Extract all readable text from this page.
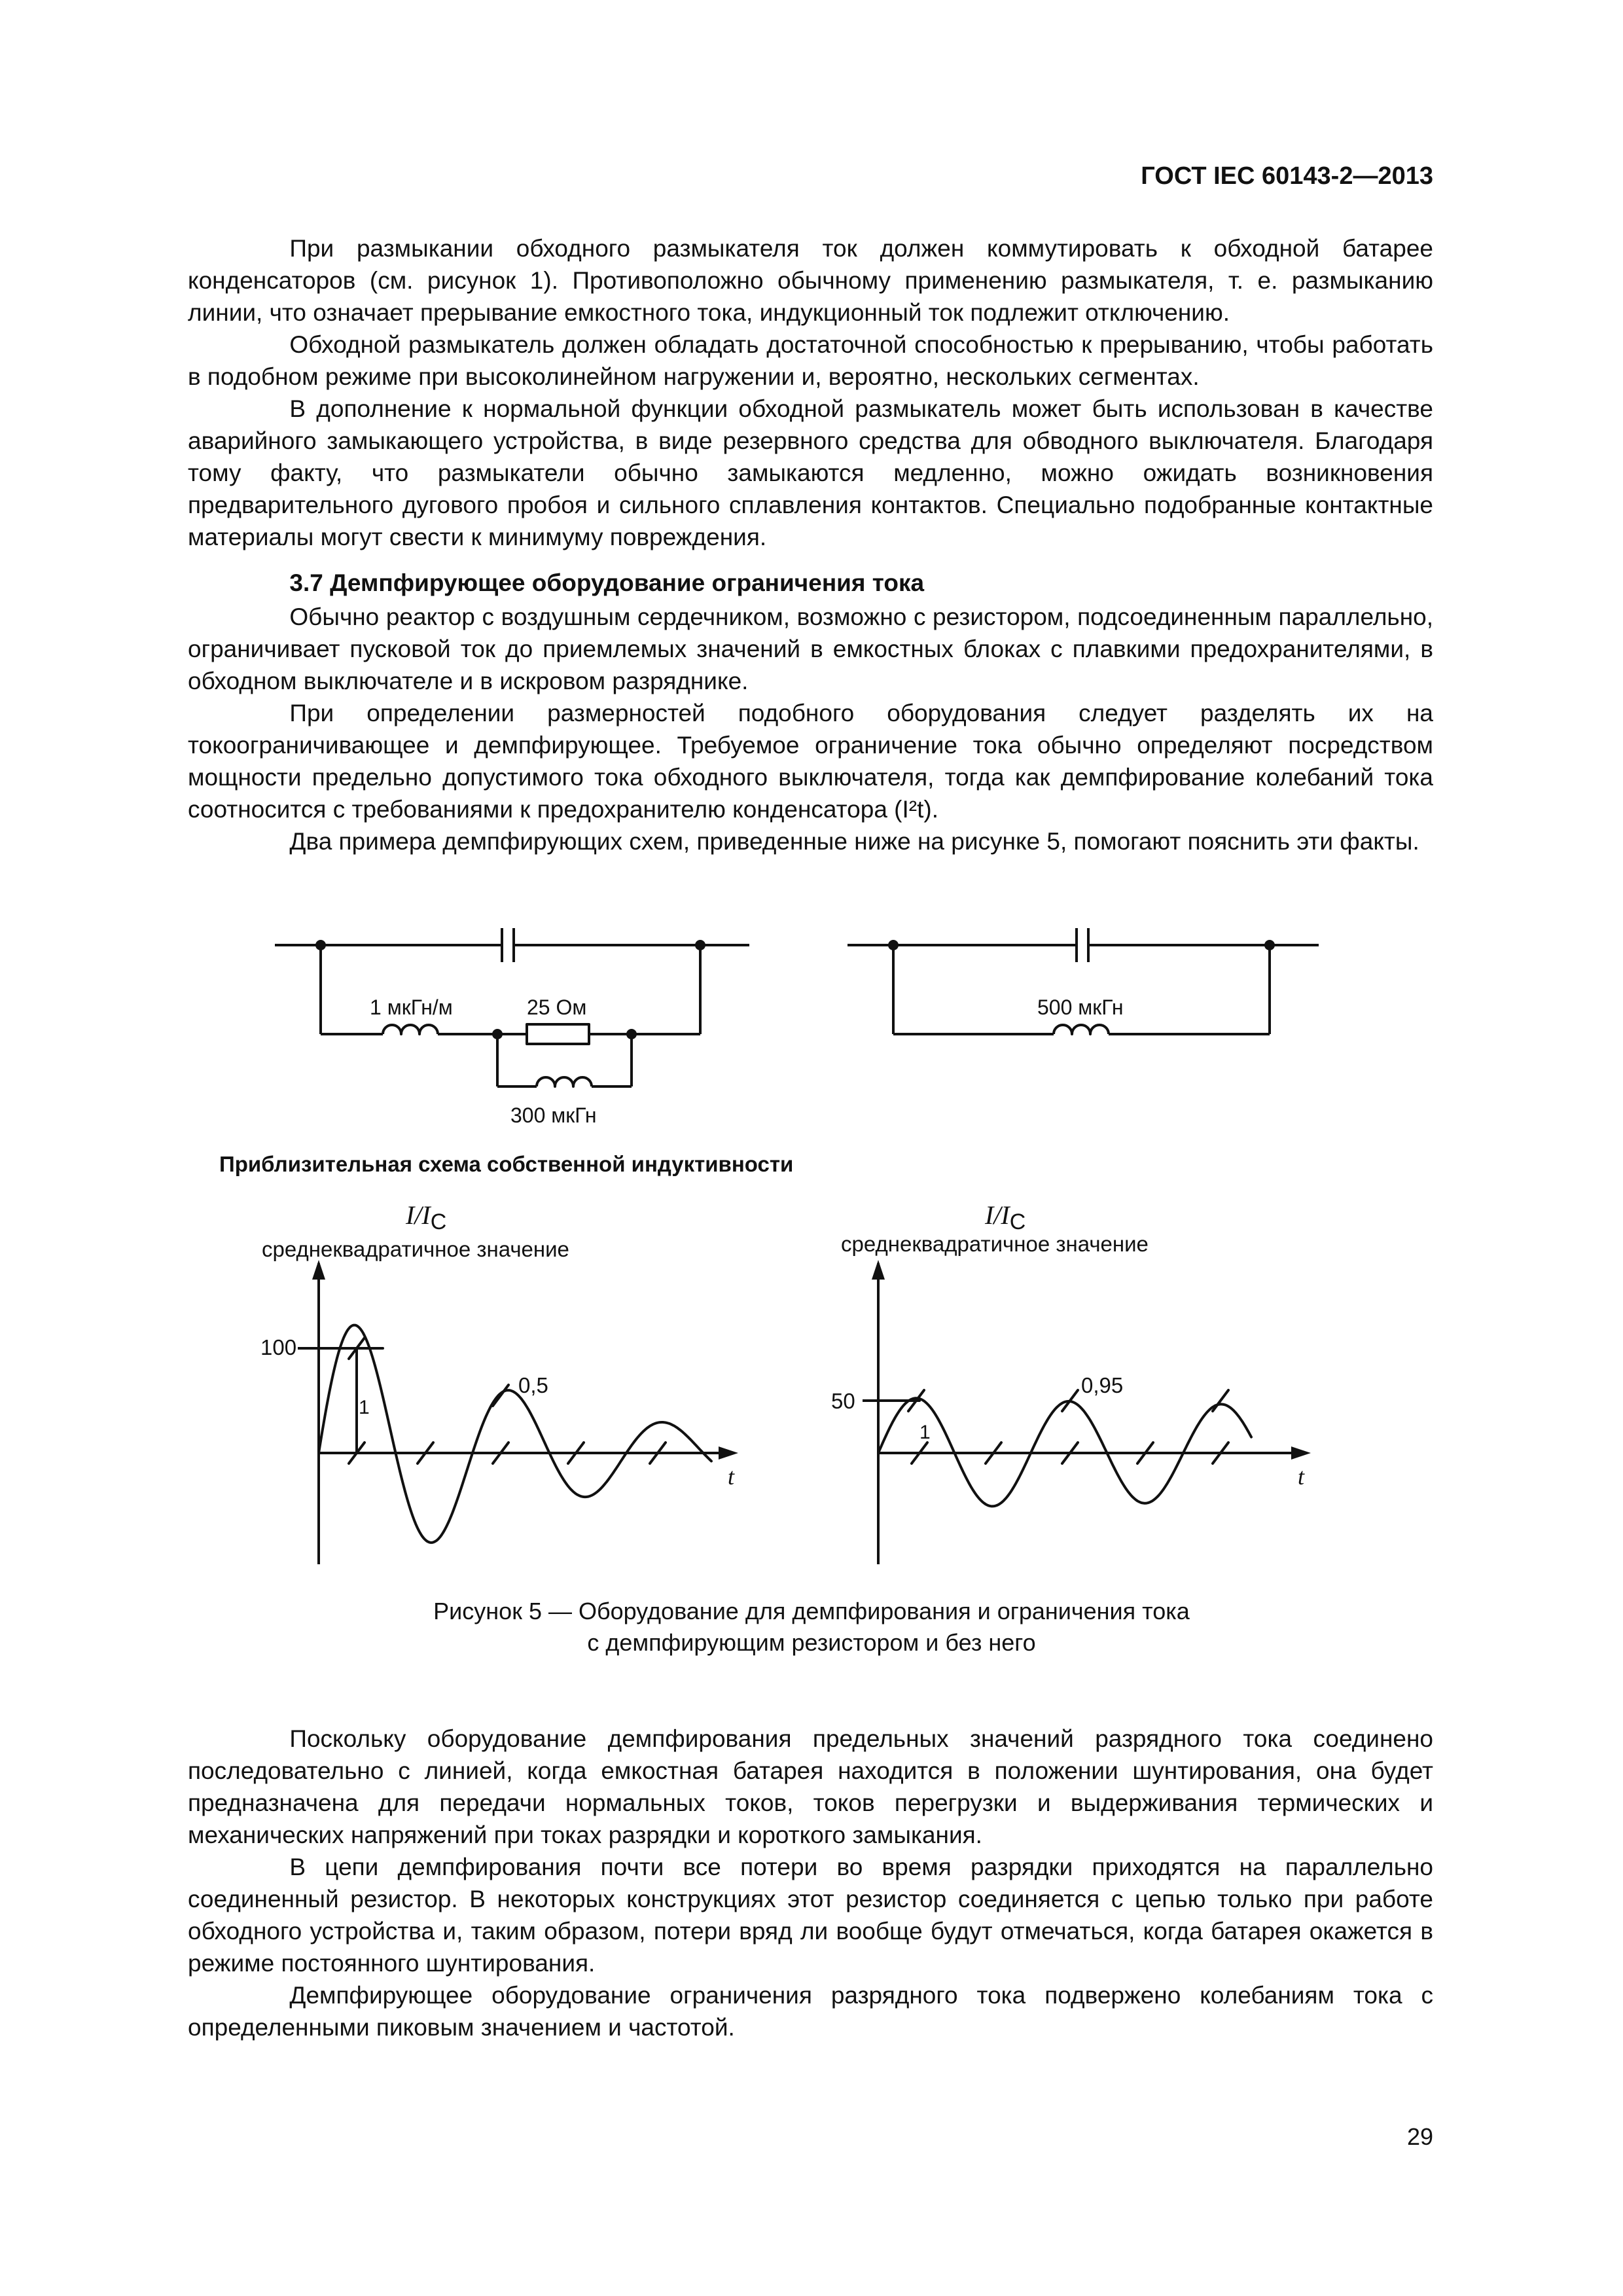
ГОСТ IEC 60143-2—2013

При размыкании обходного размыкателя ток должен коммутировать к обходной батарее конденсаторов (см. рисунок 1). Противоположно обычному применению размыкателя, т. е. размыканию линии, что означает прерывание емкостного тока, индукционный ток подлежит отключению.

Обходной размыкатель должен обладать достаточной способностью к прерыванию, чтобы работать в подобном режиме при высоколинейном нагружении и, вероятно, нескольких сегментах.

В дополнение к нормальной функции обходной размыкатель может быть использован в качестве аварийного замыкающего устройства, в виде резервного средства для обводного выключателя. Благодаря тому факту, что размыкатели обычно замыкаются медленно, можно ожидать возникновения предварительного дугового пробоя и сильного сплавления контактов. Специально подобранные контактные материалы могут свести к минимуму повреждения.

3.7 Демпфирующее оборудование ограничения тока

Обычно реактор с воздушным сердечником, возможно с резистором, подсоединенным параллельно, ограничивает пусковой ток до приемлемых значений в емкостных блоках с плавкими предохранителями, в обходном выключателе и в искровом разряднике.

При определении размерностей подобного оборудования следует разделять их на токоограничивающее и демпфирующее. Требуемое ограничение тока обычно определяют посредством мощности предельно допустимого тока обходного выключателя, тогда как демпфирование колебаний тока соотносится с требованиями к предохранителю конденсатора (I²t).

Два примера демпфирующих схем, приведенные ниже на рисунке 5, помогают пояснить эти факты.

1 мкГн/м	25 Ом
300 мкГн
500 мкГн
Приблизительная схема собственной индуктивности
$I/I_C$
среднеквадратичное значение
$I/I_C$
среднеквадратичное значение
100
1
0,5
t
50
1
0,95
t
Рисунок 5 — Оборудование для демпфирования и ограничения тока
с демпфирующим резистором и без него

Поскольку оборудование демпфирования предельных значений разрядного тока соединено последовательно с линией, когда емкостная батарея находится в положении шунтирования, она будет предназначена для передачи нормальных токов, токов перегрузки и выдерживания термических и механических напряжений при токах разрядки и короткого замыкания.

В цепи демпфирования почти все потери во время разрядки приходятся на параллельно соединенный резистор. В некоторых конструкциях этот резистор соединяется с цепью только при работе обходного устройства и, таким образом, потери вряд ли вообще будут отмечаться, когда батарея окажется в режиме постоянного шунтирования.

Демпфирующее оборудование ограничения разрядного тока подвержено колебаниям тока с определенными пиковым значением и частотой.

29
